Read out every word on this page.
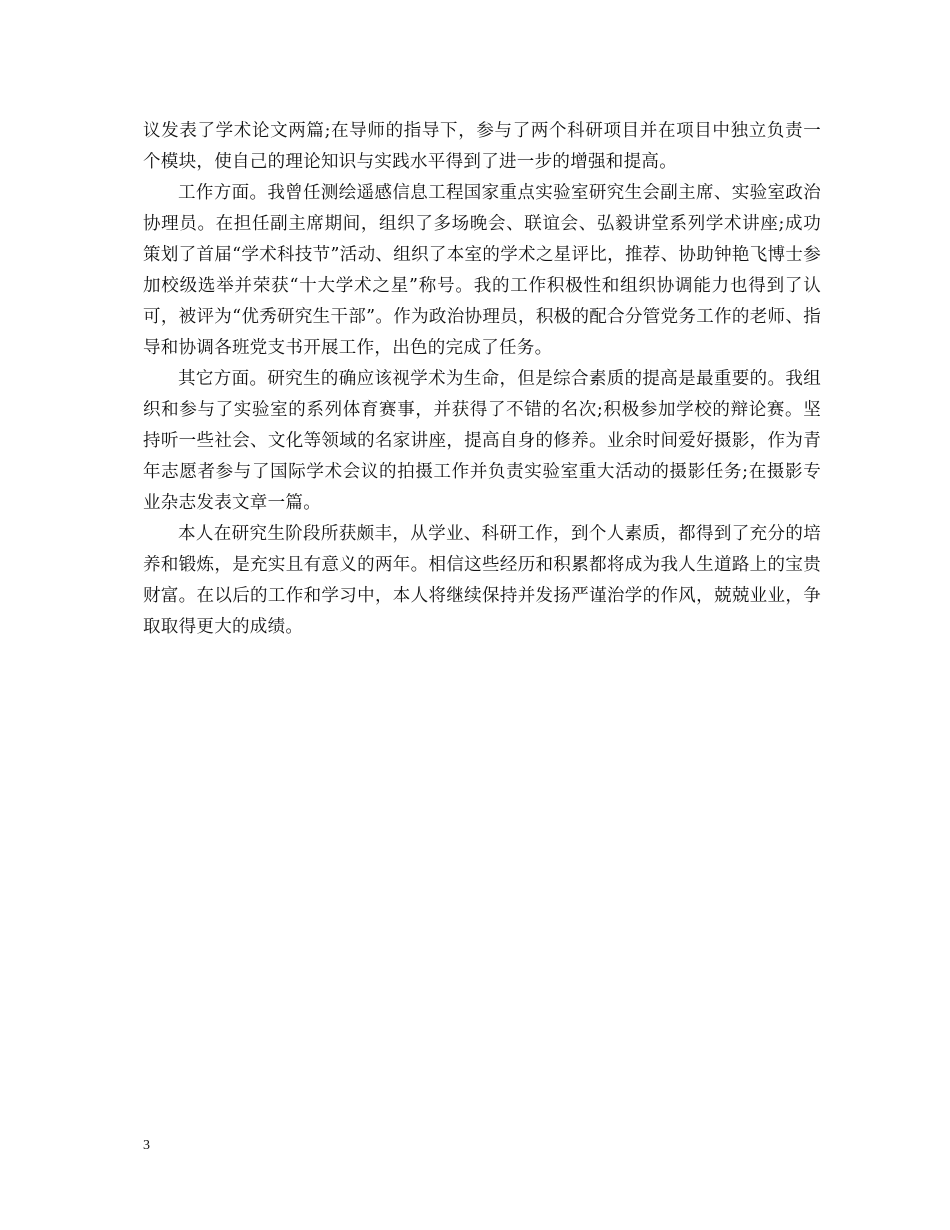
议发表了学术论文两篇;在导师的指导下，参与了两个科研项目并在项目中独立负责一个模块，使自己的理论知识与实践水平得到了进一步的增强和提高。

工作方面。我曾任测绘遥感信息工程国家重点实验室研究生会副主席、实验室政治协理员。在担任副主席期间，组织了多场晚会、联谊会、弘毅讲堂系列学术讲座;成功策划了首届“学术科技节”活动、组织了本室的学术之星评比，推荐、协助钟艳飞博士参加校级选举并荣获“十大学术之星”称号。我的工作积极性和组织协调能力也得到了认可，被评为“优秀研究生干部”。作为政治协理员，积极的配合分管党务工作的老师、指导和协调各班党支书开展工作，出色的完成了任务。

其它方面。研究生的确应该视学术为生命，但是综合素质的提高是最重要的。我组织和参与了实验室的系列体育赛事，并获得了不错的名次;积极参加学校的辩论赛。坚持听一些社会、文化等领域的名家讲座，提高自身的修养。业余时间爱好摄影，作为青年志愿者参与了国际学术会议的拍摄工作并负责实验室重大活动的摄影任务;在摄影专业杂志发表文章一篇。

本人在研究生阶段所获颇丰，从学业、科研工作，到个人素质，都得到了充分的培养和锻炼，是充实且有意义的两年。相信这些经历和积累都将成为我人生道路上的宝贵财富。在以后的工作和学习中，本人将继续保持并发扬严谨治学的作风，兢兢业业，争取取得更大的成绩。

3
